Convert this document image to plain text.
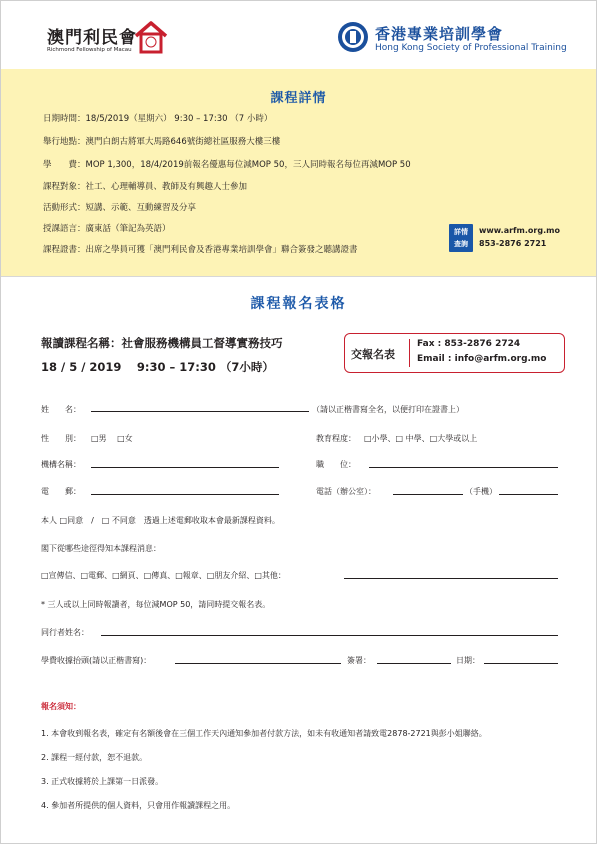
澳門利民會
Richmond Fellowship of Macau
香港專業培訓學會
Hong Kong Society of Professional Training
課程詳情
日期時間：18/5/2019（星期六） 9:30 – 17:30 （7 小時）
舉行地點：澳門白朗古將軍大馬路646號街總社區服務大樓三樓
學　　費：MOP 1,300，18/4/2019前報名優惠每位減MOP 50，三人同時報名每位再減MOP 50
課程對象：社工、心理輔導員、教師及有興趣人士參加
活動形式：短講、示範、互動練習及分享
授課語言：廣東話（筆記為英語）
課程證書：出席之學員可獲「澳門利民會及香港專業培訓學會」聯合簽發之聽講證書
詳情
查詢
www.arfm.org.mo
853-2876 2721
課程報名表格
報讀課程名稱：社會服務機構員工督導實務技巧
18 / 5 / 2019　 9:30 – 17:30 （7小時）
交報名表
Fax : 853-2876 2724
Email : info@arfm.org.mo
姓　　名：	（請以正楷書寫全名，以便打印在證書上）
性　　別： □男　 □女	教育程度： □小學、□ 中學、□大學或以上
機構名稱：	職　　位：
電　　郵：	電話（辦公室）：	（手機）
本人 □同意　/　□ 不同意　透過上述電郵收取本會最新課程資料。
閣下從哪些途徑得知本課程消息：
□宣傳信、□電郵、□網頁、□傳真、□報章、□朋友介紹、□其他：
* 三人或以上同時報讀者，每位減MOP 50，請同時提交報名表。
同行者姓名：
學費收據抬頭(請以正楷書寫)：	簽署：	日期：
報名須知：
1. 本會收到報名表，確定有名額後會在三個工作天內通知參加者付款方法，如未有收通知者請致電2878-2721與彭小姐聯絡。
2. 課程一經付款，恕不退款。
3. 正式收據將於上課第一日派發。
4. 參加者所提供的個人資料，只會用作報讀課程之用。
